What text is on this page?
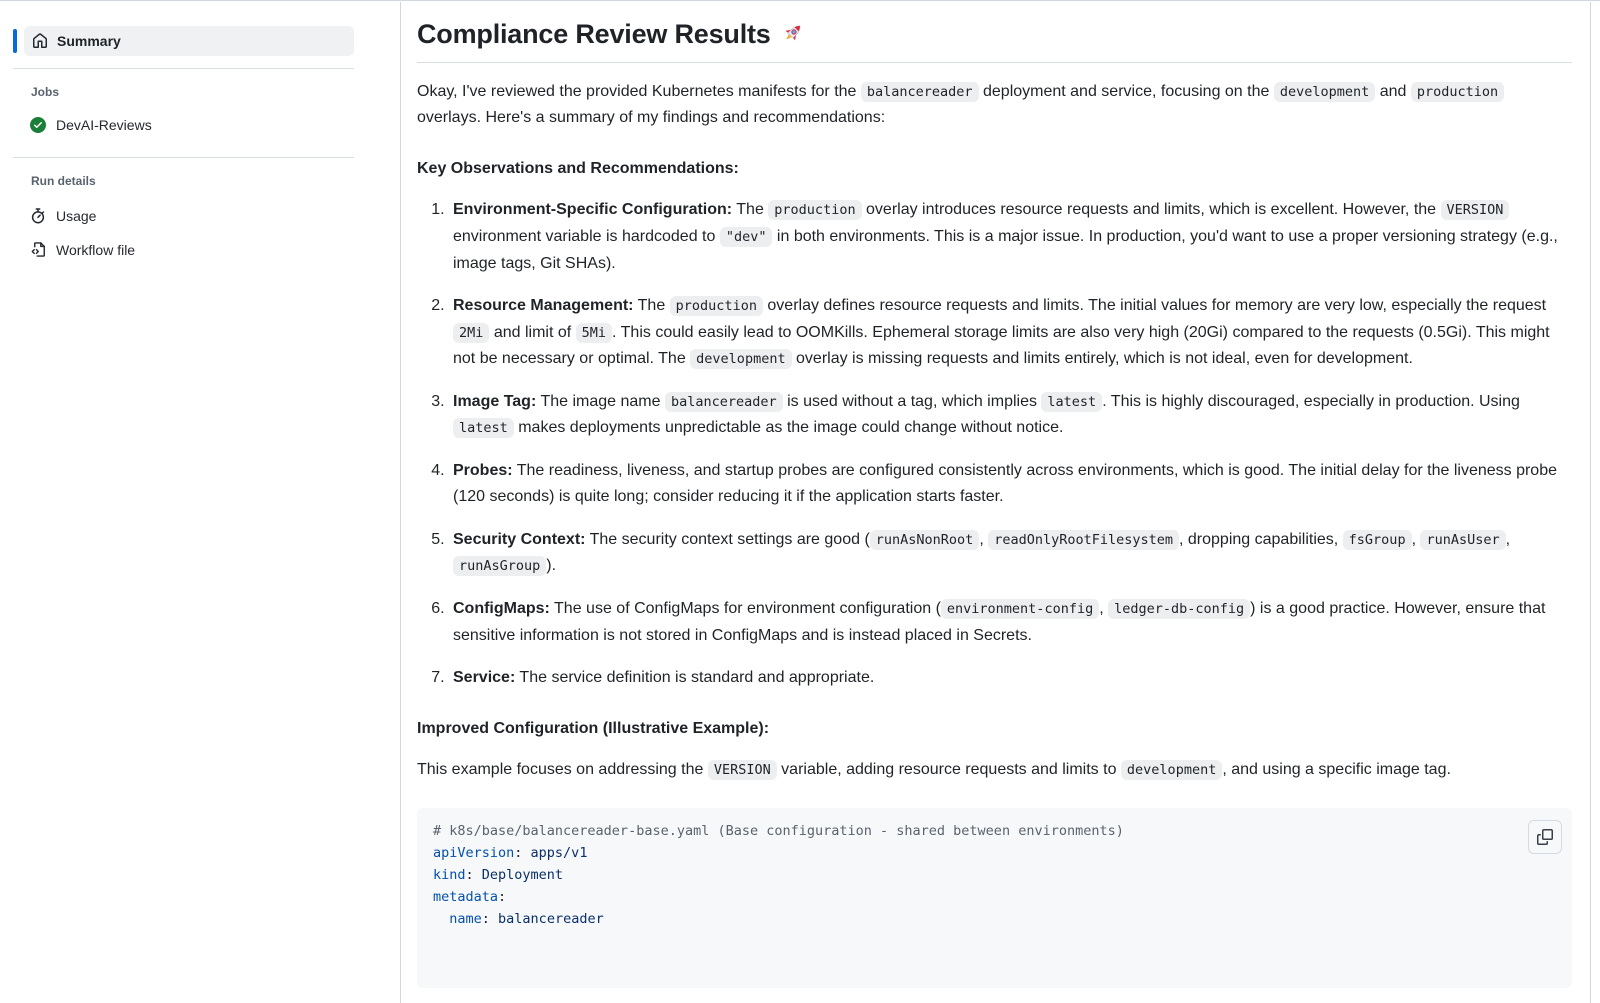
Summary
Jobs
DevAI-Reviews
Run details
Usage
Workflow file
Compliance Review Results

Okay, I've reviewed the provided Kubernetes manifests for the balancereader deployment and service, focusing on the development and production overlays. Here's a summary of my findings and recommendations:

Key Observations and Recommendations:
1. Environment-Specific Configuration: The production overlay introduces resource requests and limits, which is excellent. However, the VERSION environment variable is hardcoded to "dev" in both environments. This is a major issue. In production, you'd want to use a proper versioning strategy (e.g., image tags, Git SHAs).
2. Resource Management: The production overlay defines resource requests and limits. The initial values for memory are very low, especially the request 2Mi and limit of 5Mi . This could easily lead to OOMKills. Ephemeral storage limits are also very high (20Gi) compared to the requests (0.5Gi). This might not be necessary or optimal. The development overlay is missing requests and limits entirely, which is not ideal, even for development.
3. Image Tag: The image name balancereader is used without a tag, which implies latest . This is highly discouraged, especially in production. Using latest makes deployments unpredictable as the image could change without notice.
4. Probes: The readiness, liveness, and startup probes are configured consistently across environments, which is good. The initial delay for the liveness probe (120 seconds) is quite long; consider reducing it if the application starts faster.
5. Security Context: The security context settings are good ( runAsNonRoot , readOnlyRootFilesystem , dropping capabilities, fsGroup , runAsUser , runAsGroup ).
6. ConfigMaps: The use of ConfigMaps for environment configuration ( environment-config , ledger-db-config ) is a good practice. However, ensure that sensitive information is not stored in ConfigMaps and is instead placed in Secrets.
7. Service: The service definition is standard and appropriate.
Improved Configuration (Illustrative Example):

This example focuses on addressing the VERSION variable, adding resource requests and limits to development , and using a specific image tag.

# k8s/base/balancereader-base.yaml (Base configuration - shared between environments)
apiVersion: apps/v1
kind: Deployment
metadata:
name: balancereader
